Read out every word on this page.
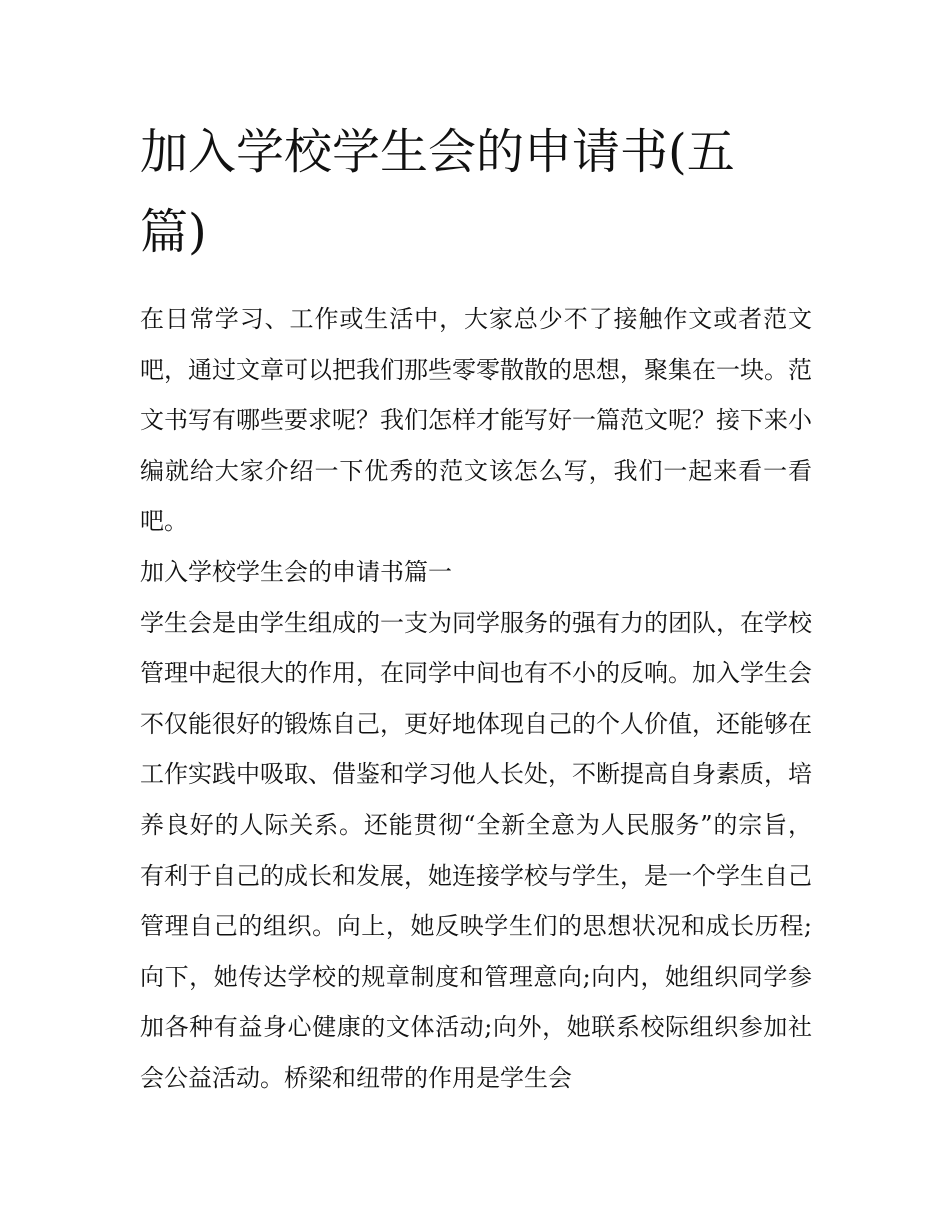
加入学校学生会的申请书(五篇)

在日常学习、工作或生活中，大家总少不了接触作文或者范文吧，通过文章可以把我们那些零零散散的思想，聚集在一块。范文书写有哪些要求呢？我们怎样才能写好一篇范文呢？接下来小编就给大家介绍一下优秀的范文该怎么写，我们一起来看一看吧。

加入学校学生会的申请书篇一

学生会是由学生组成的一支为同学服务的强有力的团队，在学校管理中起很大的作用，在同学中间也有不小的反响。加入学生会不仅能很好的锻炼自己，更好地体现自己的个人价值，还能够在工作实践中吸取、借鉴和学习他人长处，不断提高自身素质，培养良好的人际关系。还能贯彻“全新全意为人民服务”的宗旨，有利于自己的成长和发展，她连接学校与学生，是一个学生自己管理自己的组织。向上，她反映学生们的思想状况和成长历程;向下，她传达学校的规章制度和管理意向;向内，她组织同学参加各种有益身心健康的文体活动;向外，她联系校际组织参加社会公益活动。桥梁和纽带的作用是学生会
